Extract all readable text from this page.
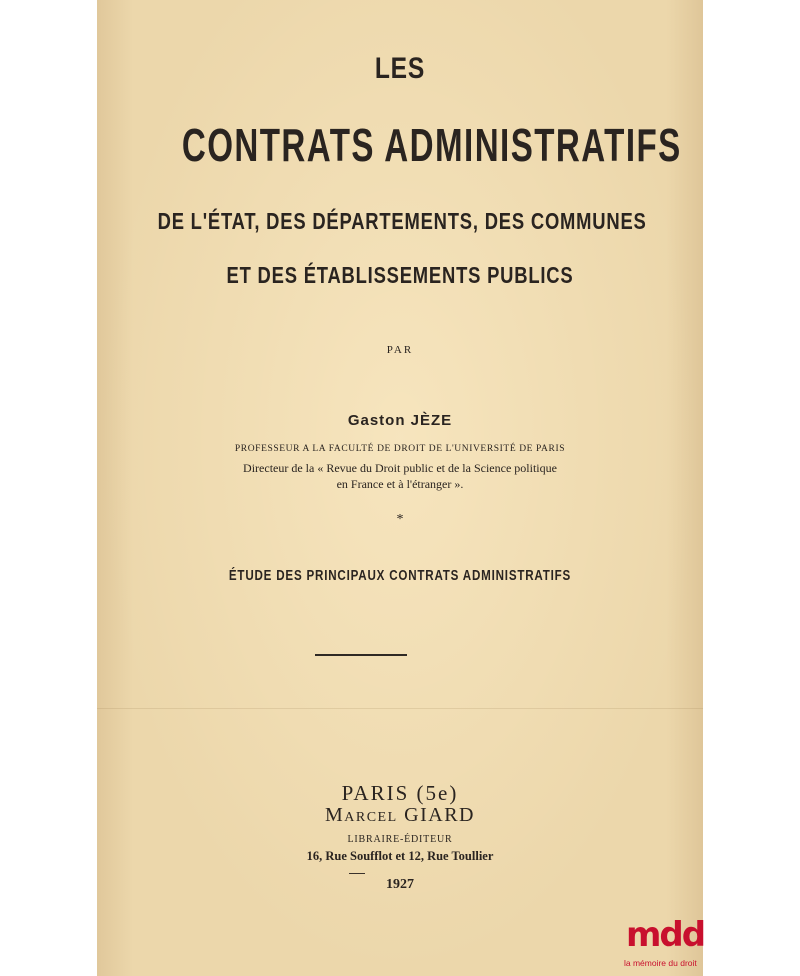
LES
CONTRATS ADMINISTRATIFS
DE L'ÉTAT, DES DÉPARTEMENTS, DES COMMUNES
ET DES ÉTABLISSEMENTS PUBLICS
PAR
Gaston JÈZE
PROFESSEUR A LA FACULTÉ DE DROIT DE L'UNIVERSITÉ DE PARIS
Directeur de la « Revue du Droit public et de la Science politique
en France et à l'étranger ».
*
ÉTUDE DES PRINCIPAUX CONTRATS ADMINISTRATIFS
PARIS (5e)
Marcel GIARD
LIBRAIRE-ÉDITEUR
16, Rue Soufflot et 12, Rue Toullier
1927
mdd
la mémoire du droit
